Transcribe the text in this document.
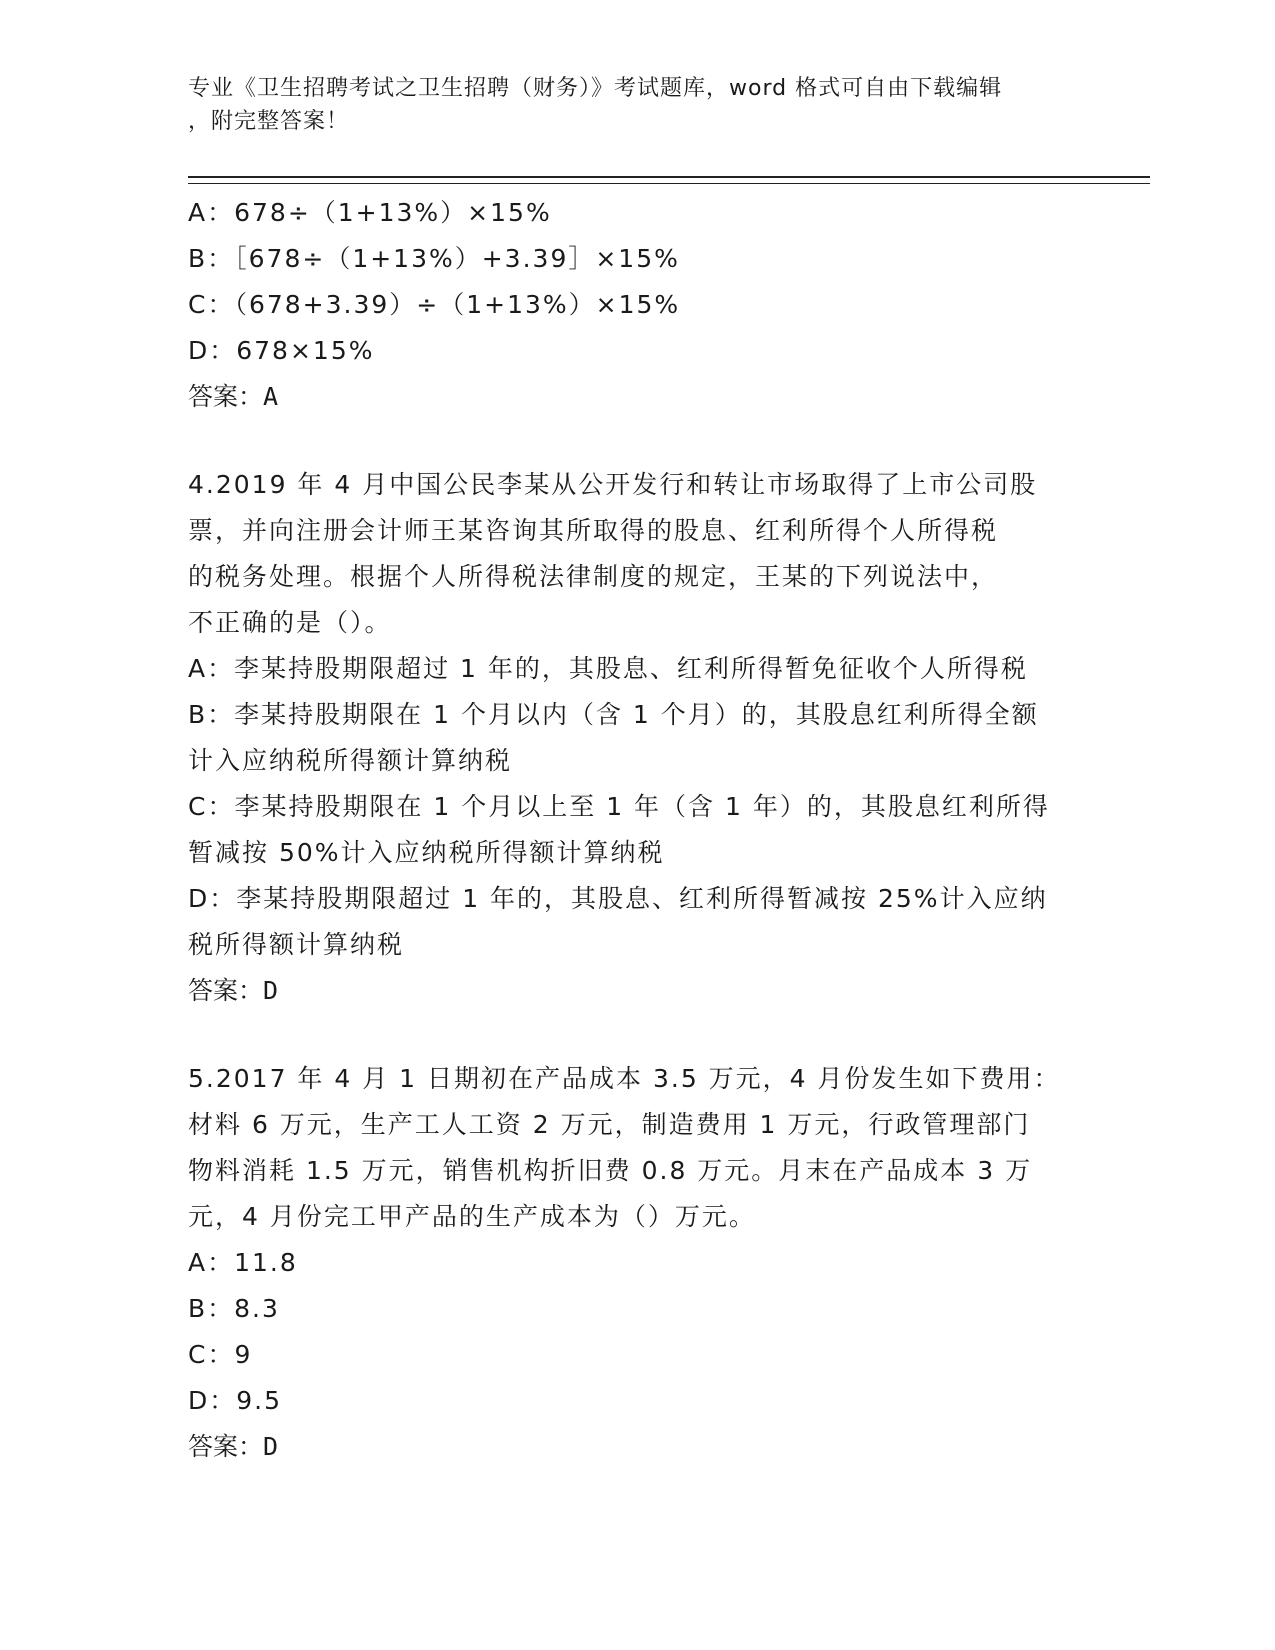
专业《卫生招聘考试之卫生招聘（财务）》考试题库，word 格式可自由下载编辑
，附完整答案！
A：678÷（1+13%）×15%
B：［678÷（1+13%）+3.39］×15%
C：（678+3.39）÷（1+13%）×15%
D：678×15%
答案：A
4.2019 年 4 月中国公民李某从公开发行和转让市场取得了上市公司股
票，并向注册会计师王某咨询其所取得的股息、红利所得个人所得税
的税务处理。根据个人所得税法律制度的规定，王某的下列说法中，
不正确的是（）。
A：李某持股期限超过 1 年的，其股息、红利所得暂免征收个人所得税
B：李某持股期限在 1 个月以内（含 1 个月）的，其股息红利所得全额
计入应纳税所得额计算纳税
C：李某持股期限在 1 个月以上至 1 年（含 1 年）的，其股息红利所得
暂减按 50%计入应纳税所得额计算纳税
D：李某持股期限超过 1 年的，其股息、红利所得暂减按 25%计入应纳
税所得额计算纳税
答案：D
5.2017 年 4 月 1 日期初在产品成本 3.5 万元，4 月份发生如下费用：
材料 6 万元，生产工人工资 2 万元，制造费用 1 万元，行政管理部门
物料消耗 1.5 万元，销售机构折旧费 0.8 万元。月末在产品成本 3 万
元，4 月份完工甲产品的生产成本为（）万元。
A：11.8
B：8.3
C：9
D：9.5
答案：D
